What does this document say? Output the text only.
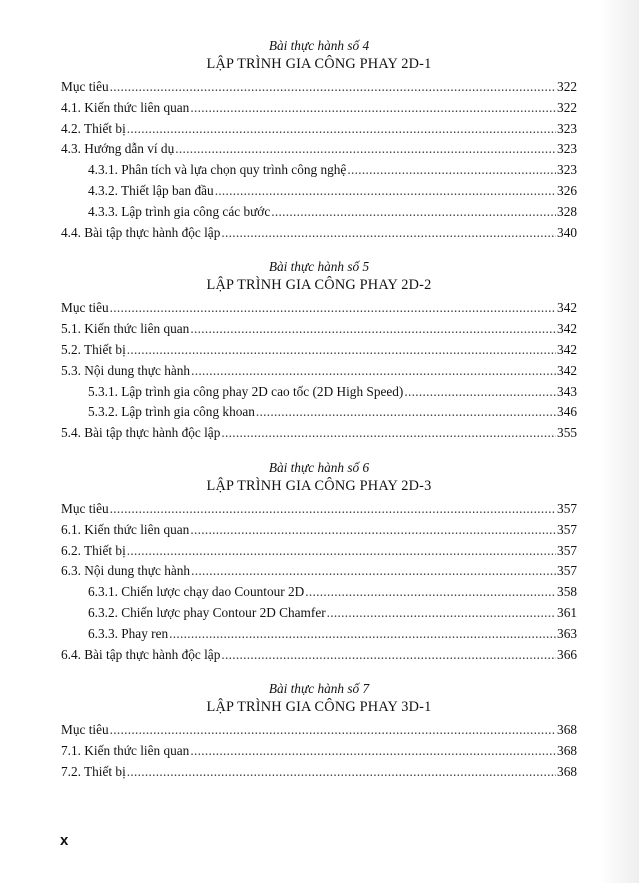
Bài thực hành số 4
LẬP TRÌNH GIA CÔNG PHAY 2D-1
Mục tiêu .....	322
4.1. Kiến thức liên quan .....	322
4.2. Thiết bị .....	323
4.3. Hướng dẫn ví dụ .....	323
4.3.1. Phân tích và lựa chọn quy trình công nghệ .....	323
4.3.2. Thiết lập ban đầu .....	326
4.3.3. Lập trình gia công các bước .....	328
4.4. Bài tập thực hành độc lập .....	340
Bài thực hành số 5
LẬP TRÌNH GIA CÔNG PHAY 2D-2
Mục tiêu .....	342
5.1. Kiến thức liên quan .....	342
5.2. Thiết bị .....	342
5.3. Nội dung thực hành .....	342
5.3.1. Lập trình gia công phay 2D cao tốc (2D High Speed) .....	343
5.3.2. Lập trình gia công khoan .....	346
5.4. Bài tập thực hành độc lập .....	355
Bài thực hành số 6
LẬP TRÌNH GIA CÔNG PHAY 2D-3
Mục tiêu .....	357
6.1. Kiến thức liên quan .....	357
6.2. Thiết bị .....	357
6.3. Nội dung thực hành .....	357
6.3.1. Chiến lược chạy dao Countour 2D .....	358
6.3.2. Chiến lược phay Contour 2D Chamfer .....	361
6.3.3. Phay ren .....	363
6.4. Bài tập thực hành độc lập .....	366
Bài thực hành số 7
LẬP TRÌNH GIA CÔNG PHAY 3D-1
Mục tiêu .....	368
7.1. Kiến thức liên quan .....	368
7.2. Thiết bị .....	368
x
